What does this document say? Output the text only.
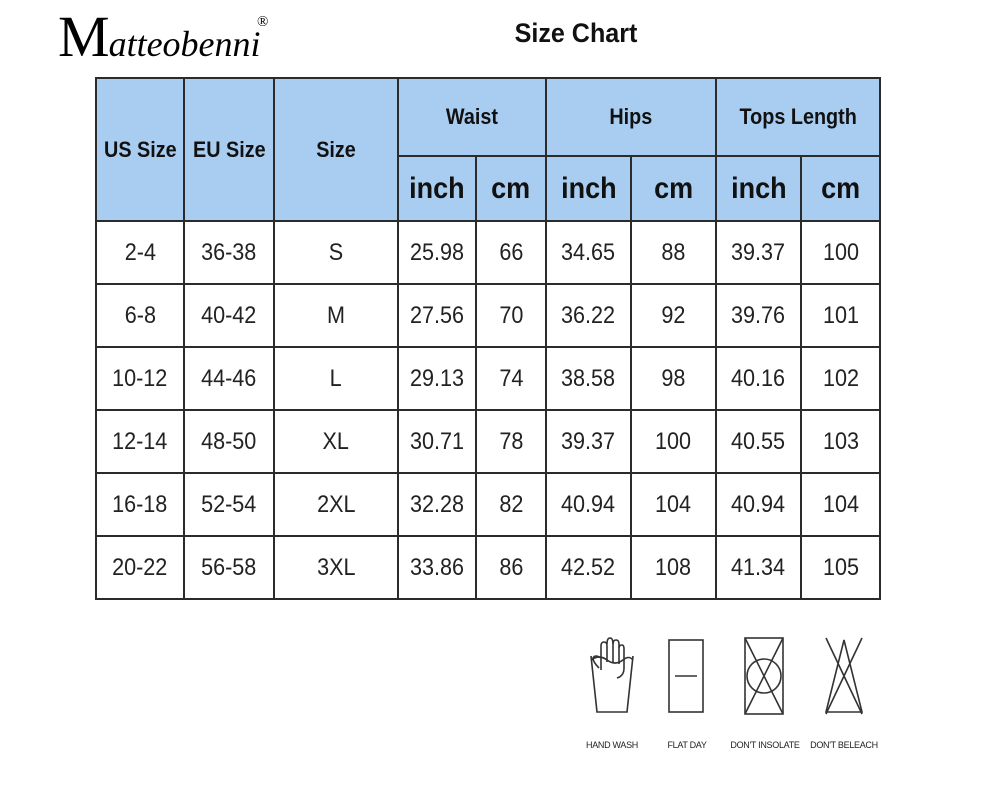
Matteobenni
®	Size Chart
US Size	EU Size	Size	Waist		Hips		Tops Length	
			inch	cm	inch	cm	inch	cm
2-4	36-38	S	25.98	66	34.65	88	39.37	100
6-8	40-42	M	27.56	70	36.22	92	39.76	101
10-12	44-46	L	29.13	74	38.58	98	40.16	102
12-14	48-50	XL	30.71	78	39.37	100	40.55	103
16-18	52-54	2XL	32.28	82	40.94	104	40.94	104
20-22	56-58	3XL	33.86	86	42.52	108	41.34	105
HAND WASH	FLAT DAY	DON'T INSOLATE	DON'T BELEACH
